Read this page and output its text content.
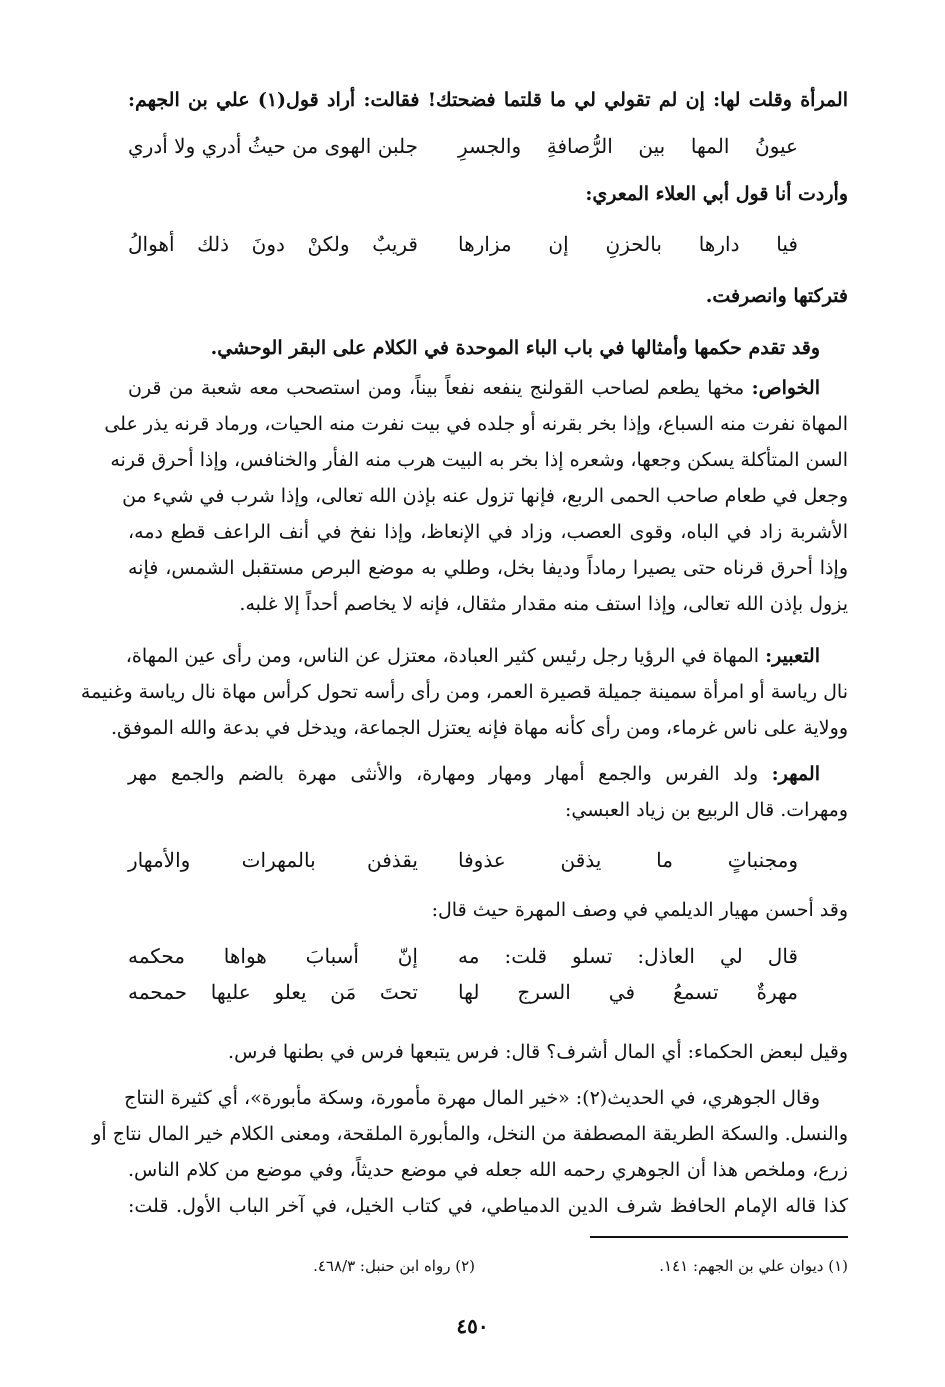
المرأة وقلت لها: إن لم تقولي لي ما قلتما فضحتك! فقالت: أراد قول(١) علي بن الجهم:
عيونُ المها بين الرُّصافةِ والجسرِ
جلبن الهوى من حيثُ أدري ولا أدري
وأردت أنا قول أبي العلاء المعري:
فيا دارها بالحزنِ إن مزارها
قريبٌ ولكنْ دونَ ذلك أهوالُ
فتركتها وانصرفت.
وقد تقدم حكمها وأمثالها في باب الباء الموحدة في الكلام على البقر الوحشي.
الخواص: مخها يطعم لصاحب القولنج ينفعه نفعاً بيناً، ومن استصحب معه شعبة من قرن
المهاة نفرت منه السباع، وإذا بخر بقرنه أو جلده في بيت نفرت منه الحيات، ورماد قرنه يذر على
السن المتأكلة يسكن وجعها، وشعره إذا بخر به البيت هرب منه الفأر والخنافس، وإذا أحرق قرنه
وجعل في طعام صاحب الحمى الربع، فإنها تزول عنه بإذن الله تعالى، وإذا شرب في شيء من
الأشربة زاد في الباه، وقوى العصب، وزاد في الإنعاظ، وإذا نفخ في أنف الراعف قطع دمه،
وإذا أحرق قرناه حتى يصيرا رماداً وديفا بخل، وطلي به موضع البرص مستقبل الشمس، فإنه
يزول بإذن الله تعالى، وإذا استف منه مقدار مثقال، فإنه لا يخاصم أحداً إلا غلبه.
التعبير: المهاة في الرؤيا رجل رئيس كثير العبادة، معتزل عن الناس، ومن رأى عين المهاة،
نال رياسة أو امرأة سمينة جميلة قصيرة العمر، ومن رأى رأسه تحول كرأس مهاة نال رياسة وغنيمة
وولاية على ناس غرماء، ومن رأى كأنه مهاة فإنه يعتزل الجماعة، ويدخل في بدعة والله الموفق.
المهر: ولد الفرس والجمع أمهار ومهار ومهارة، والأنثى مهرة بالضم والجمع مهر
ومهرات. قال الربيع بن زياد العبسي:
ومجنباتٍ ما يذقن عذوفا
يقذفن بالمهرات والأمهار
وقد أحسن مهيار الديلمي في وصف المهرة حيث قال:
قال لي العاذل: تسلو قلت: مه
إنّ أسبابَ هواها محكمه
مهرةٌ تسمعُ في السرج لها
تحتَ مَن يعلو عليها حمحمه
وقيل لبعض الحكماء: أي المال أشرف؟ قال: فرس يتبعها فرس في بطنها فرس.
وقال الجوهري، في الحديث(٢): «خير المال مهرة مأمورة، وسكة مأبورة»، أي كثيرة النتاج
والنسل. والسكة الطريقة المصطفة من النخل، والمأبورة الملقحة، ومعنى الكلام خير المال نتاج أو
زرع، وملخص هذا أن الجوهري رحمه الله جعله في موضع حديثاً، وفي موضع من كلام الناس.
كذا قاله الإمام الحافظ شرف الدين الدمياطي، في كتاب الخيل، في آخر الباب الأول. قلت:
(١) ديوان علي بن الجهم: ١٤١.
(٢) رواه ابن حنبل: ٤٦٨/٣.
٤٥٠
